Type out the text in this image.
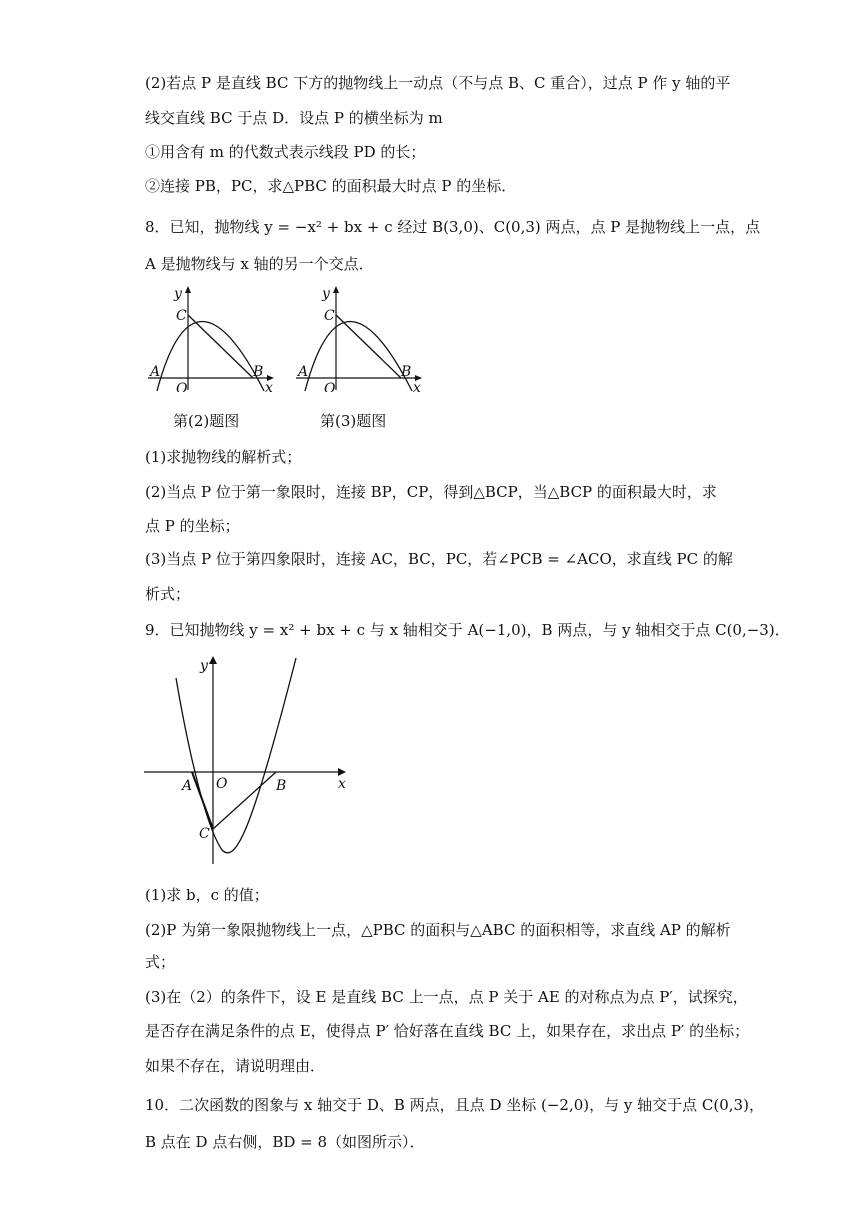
(2)若点 P 是直线 BC 下方的抛物线上一动点（不与点 B、C 重合），过点 P 作 y 轴的平
线交直线 BC 于点 D．设点 P 的横坐标为 m
①用含有 m 的代数式表示线段 PD 的长；
②连接 PB，PC，求△PBC 的面积最大时点 P 的坐标．
8．已知，抛物线 y = −x² + bx + c 经过 B(3,0)、C(0,3) 两点，点 P 是抛物线上一点，点
A 是抛物线与 x 轴的另一个交点．
y
C
A
O
B
x
第(2)题图
y
C
A
O
B
x
第(3)题图
(1)求抛物线的解析式；
(2)当点 P 位于第一象限时，连接 BP，CP，得到△BCP，当△BCP 的面积最大时，求
点 P 的坐标；
(3)当点 P 位于第四象限时，连接 AC，BC，PC，若∠PCB = ∠ACO，求直线 PC 的解
析式；
9．已知抛物线 y = x² + bx + c 与 x 轴相交于 A(−1,0)，B 两点，与 y 轴相交于点 C(0,−3)．
y
A O	B
C
x
(1)求 b，c 的值；
(2)P 为第一象限抛物线上一点，△PBC 的面积与△ABC 的面积相等，求直线 AP 的解析
式；
(3)在（2）的条件下，设 E 是直线 BC 上一点，点 P 关于 AE 的对称点为点 P′，试探究，
是否存在满足条件的点 E，使得点 P′ 恰好落在直线 BC 上，如果存在，求出点 P′ 的坐标；
如果不存在，请说明理由．
10．二次函数的图象与 x 轴交于 D、B 两点，且点 D 坐标 (−2,0)，与 y 轴交于点 C(0,3)，
B 点在 D 点右侧，BD = 8（如图所示）．
